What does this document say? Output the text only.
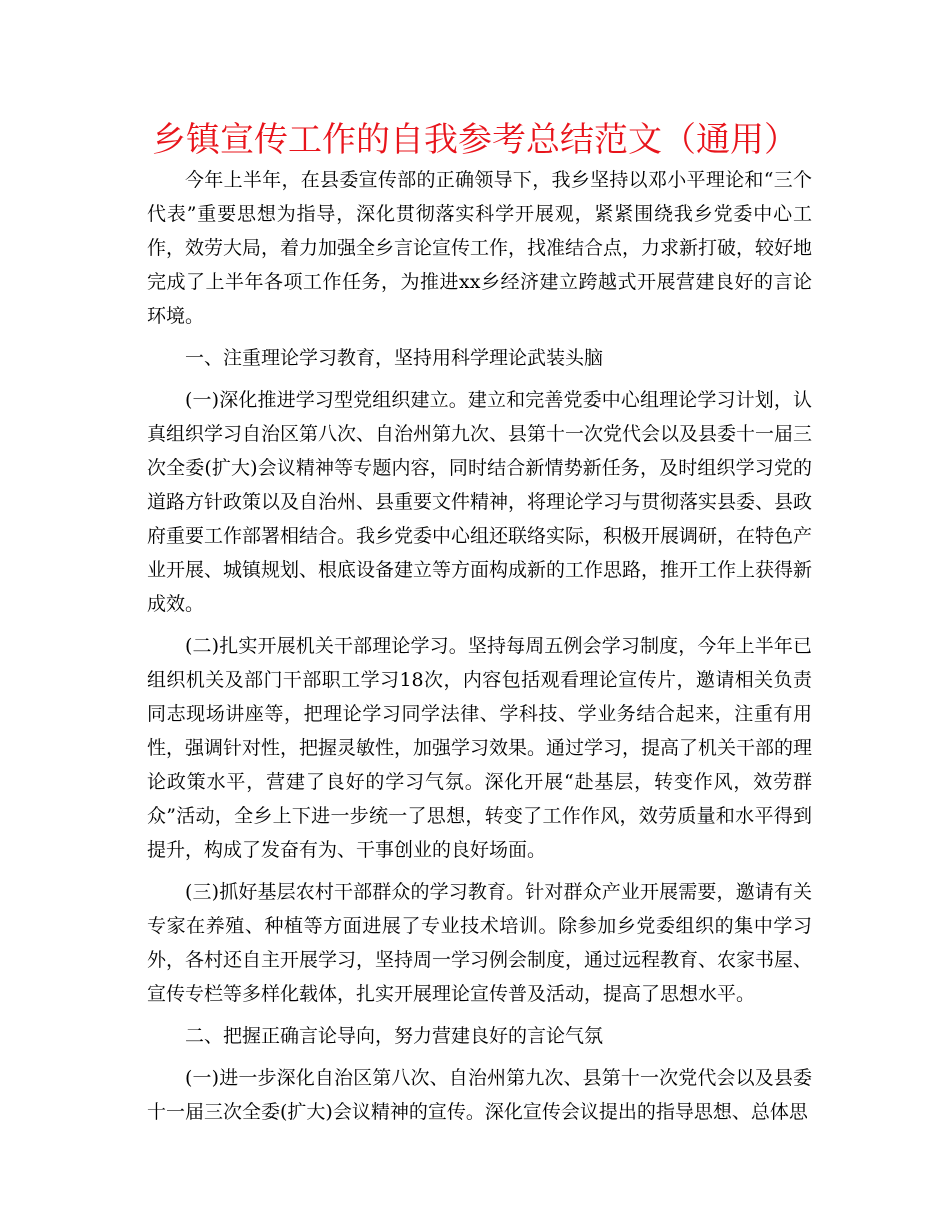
乡镇宣传工作的自我参考总结范文（通用）

今年上半年，在县委宣传部的正确领导下，我乡坚持以邓小平理论和“三个代表”重要思想为指导，深化贯彻落实科学开展观，紧紧围绕我乡党委中心工作，效劳大局，着力加强全乡言论宣传工作，找准结合点，力求新打破，较好地完成了上半年各项工作任务，为推进xx乡经济建立跨越式开展营建良好的言论环境。

一、注重理论学习教育，坚持用科学理论武装头脑

(一)深化推进学习型党组织建立。建立和完善党委中心组理论学习计划，认真组织学习自治区第八次、自治州第九次、县第十一次党代会以及县委十一届三次全委(扩大)会议精神等专题内容，同时结合新情势新任务，及时组织学习党的道路方针政策以及自治州、县重要文件精神，将理论学习与贯彻落实县委、县政府重要工作部署相结合。我乡党委中心组还联络实际，积极开展调研，在特色产业开展、城镇规划、根底设备建立等方面构成新的工作思路，推开工作上获得新成效。

(二)扎实开展机关干部理论学习。坚持每周五例会学习制度，今年上半年已组织机关及部门干部职工学习18次，内容包括观看理论宣传片，邀请相关负责同志现场讲座等，把理论学习同学法律、学科技、学业务结合起来，注重有用性，强调针对性，把握灵敏性，加强学习效果。通过学习，提高了机关干部的理论政策水平，营建了良好的学习气氛。深化开展“赴基层，转变作风，效劳群众”活动，全乡上下进一步统一了思想，转变了工作作风，效劳质量和水平得到提升，构成了发奋有为、干事创业的良好场面。

(三)抓好基层农村干部群众的学习教育。针对群众产业开展需要，邀请有关专家在养殖、种植等方面进展了专业技术培训。除参加乡党委组织的集中学习外，各村还自主开展学习，坚持周一学习例会制度，通过远程教育、农家书屋、宣传专栏等多样化载体，扎实开展理论宣传普及活动，提高了思想水平。

二、把握正确言论导向，努力营建良好的言论气氛

(一)进一步深化自治区第八次、自治州第九次、县第十一次党代会以及县委十一届三次全委(扩大)会议精神的宣传。深化宣传会议提出的指导思想、总体思
